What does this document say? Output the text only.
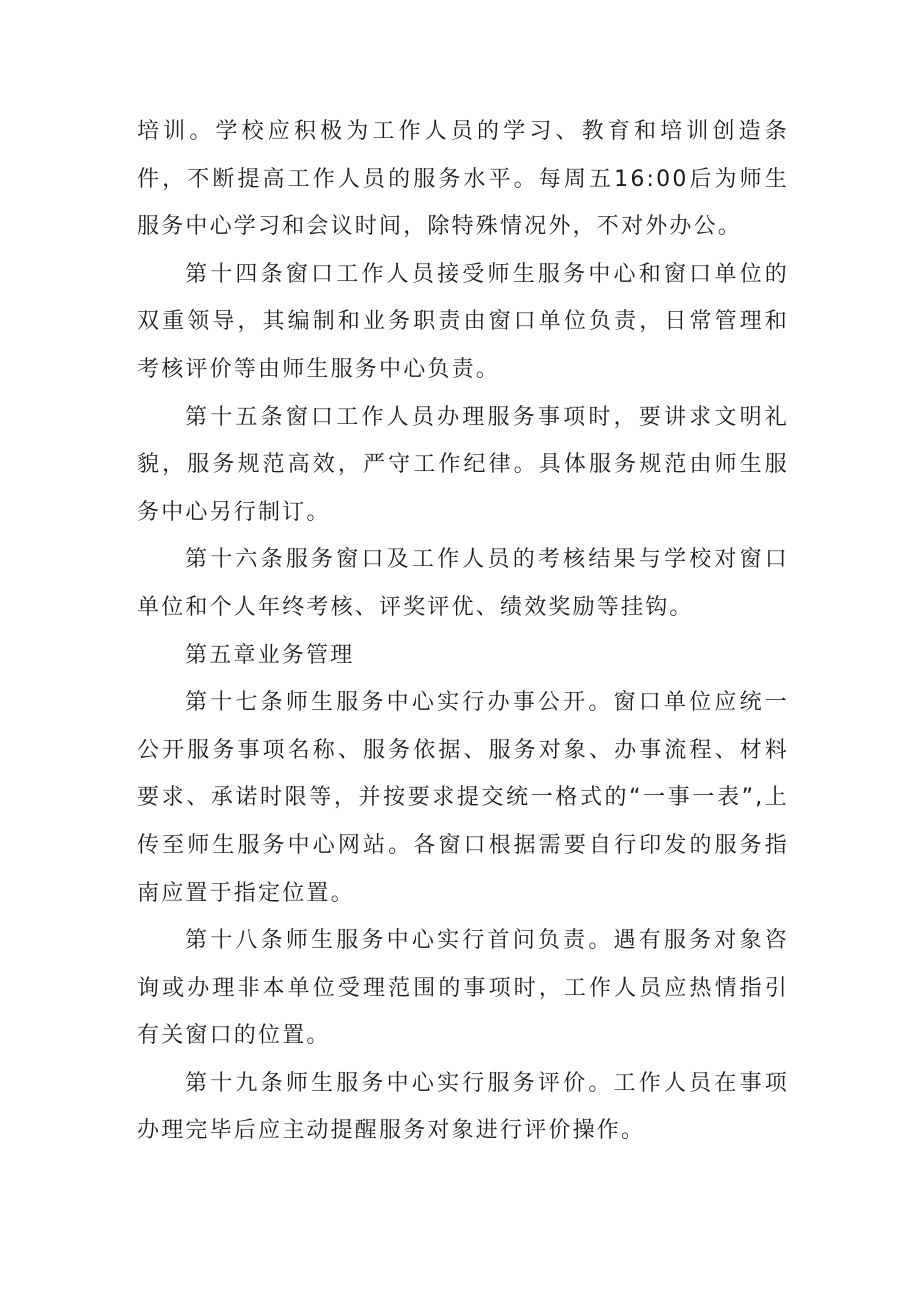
培训。学校应积极为工作人员的学习、教育和培训创造条件，不断提高工作人员的服务水平。每周五16:00后为师生服务中心学习和会议时间，除特殊情况外，不对外办公。

第十四条窗口工作人员接受师生服务中心和窗口单位的双重领导，其编制和业务职责由窗口单位负责，日常管理和考核评价等由师生服务中心负责。

第十五条窗口工作人员办理服务事项时，要讲求文明礼貌，服务规范高效，严守工作纪律。具体服务规范由师生服务中心另行制订。

第十六条服务窗口及工作人员的考核结果与学校对窗口单位和个人年终考核、评奖评优、绩效奖励等挂钩。

第五章业务管理

第十七条师生服务中心实行办事公开。窗口单位应统一公开服务事项名称、服务依据、服务对象、办事流程、材料要求、承诺时限等，并按要求提交统一格式的“一事一表”,上传至师生服务中心网站。各窗口根据需要自行印发的服务指南应置于指定位置。

第十八条师生服务中心实行首问负责。遇有服务对象咨询或办理非本单位受理范围的事项时，工作人员应热情指引有关窗口的位置。

第十九条师生服务中心实行服务评价。工作人员在事项办理完毕后应主动提醒服务对象进行评价操作。
